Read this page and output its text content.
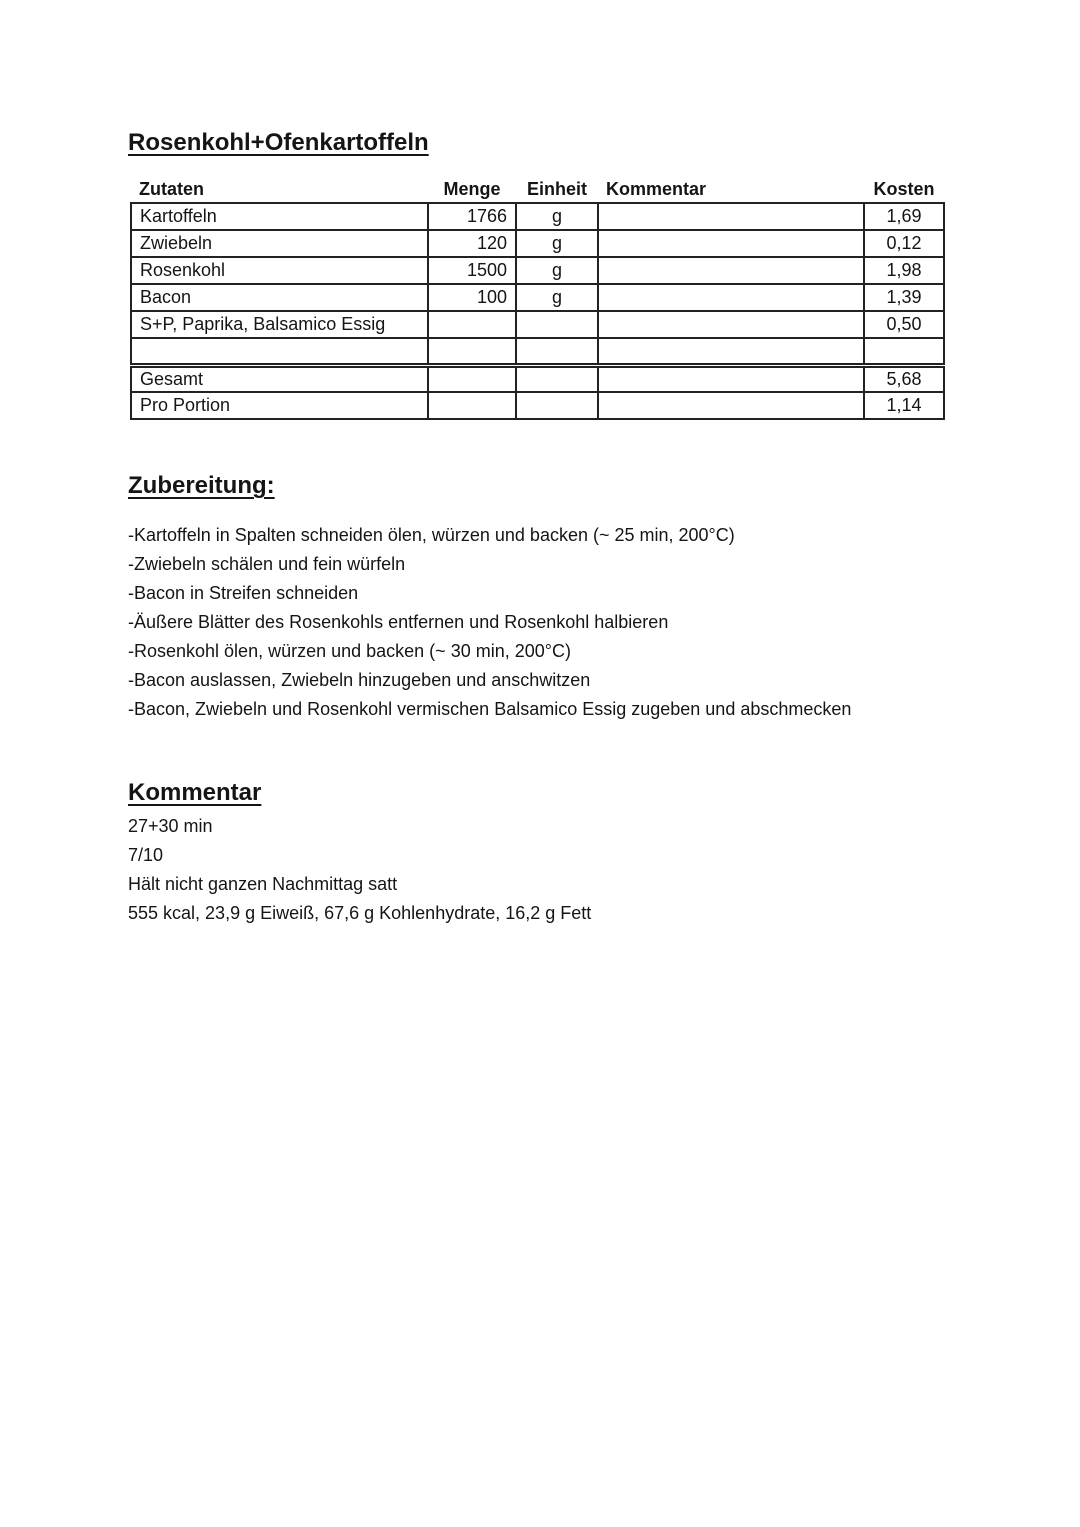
Rosenkohl+Ofenkartoffeln
Zutaten	Menge	Einheit	Kommentar	Kosten
Kartoffeln	1766	g		1,69
Zwiebeln	120	g		0,12
Rosenkohl	1500	g		1,98
Bacon	100	g		1,39
S+P, Paprika, Balsamico Essig				0,50

Gesamt				5,68
Pro Portion				1,14
Zubereitung:

-Kartoffeln in Spalten schneiden ölen, würzen und backen (~ 25 min, 200°C)

-Zwiebeln schälen und fein würfeln

-Bacon in Streifen schneiden

-Äußere Blätter des Rosenkohls entfernen und Rosenkohl halbieren

-Rosenkohl ölen, würzen und backen (~ 30 min, 200°C)

-Bacon auslassen, Zwiebeln hinzugeben und anschwitzen

-Bacon, Zwiebeln und Rosenkohl vermischen Balsamico Essig zugeben und abschmecken

Kommentar

27+30 min

7/10

Hält nicht ganzen Nachmittag satt

555 kcal, 23,9 g Eiweiß, 67,6 g Kohlenhydrate, 16,2 g Fett
